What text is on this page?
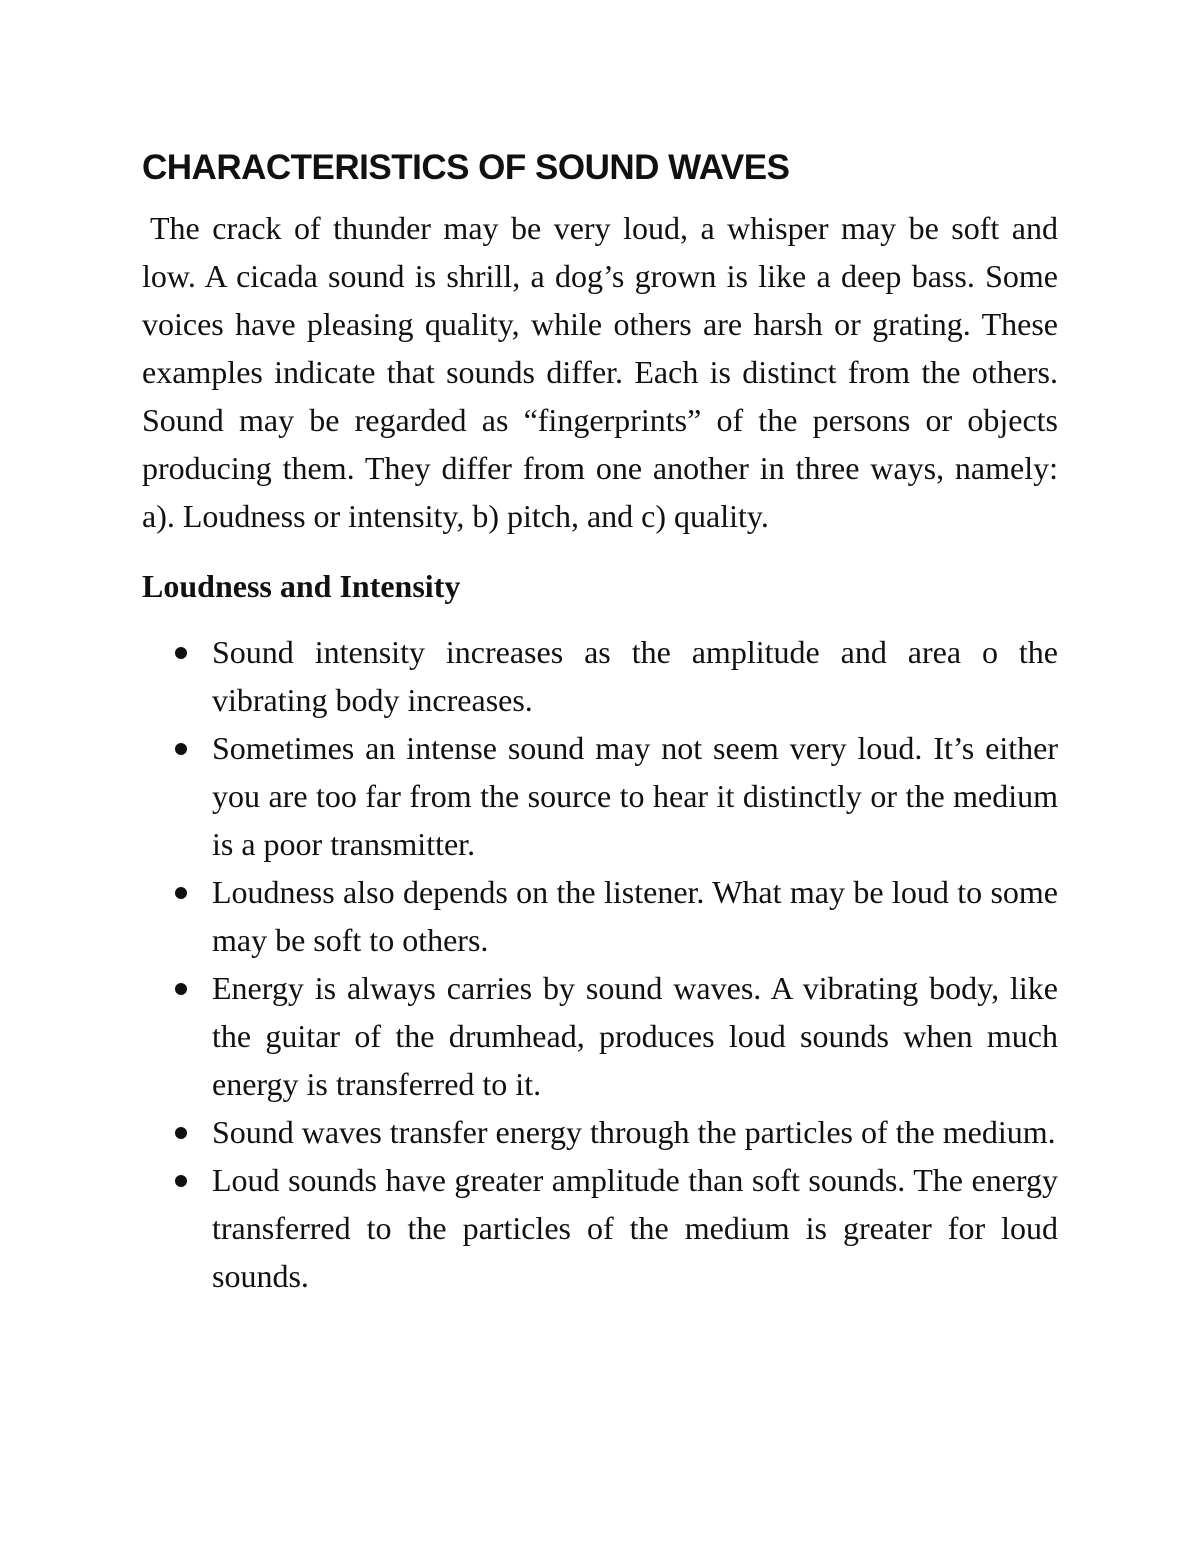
CHARACTERISTICS OF SOUND WAVES

The crack of thunder may be very loud, a whisper may be soft and low. A cicada sound is shrill, a dog’s grown is like a deep bass. Some voices have pleasing quality, while others are harsh or grating. These examples indicate that sounds differ. Each is distinct from the others. Sound may be regarded as “fingerprints” of the persons or objects producing them. They differ from one another in three ways, namely: a). Loudness or intensity, b) pitch, and c) quality.

Loudness and Intensity
Sound intensity increases as the amplitude and area o the vibrating body increases.
Sometimes an intense sound may not seem very loud. It’s either you are too far from the source to hear it distinctly or the medium is a poor transmitter.
Loudness also depends on the listener. What may be loud to some may be soft to others.
Energy is always carries by sound waves. A vibrating body, like the guitar of the drumhead, produces loud sounds when much energy is transferred to it.
Sound waves transfer energy through the particles of the medium.
Loud sounds have greater amplitude than soft sounds. The energy transferred to the particles of the medium is greater for loud sounds.
